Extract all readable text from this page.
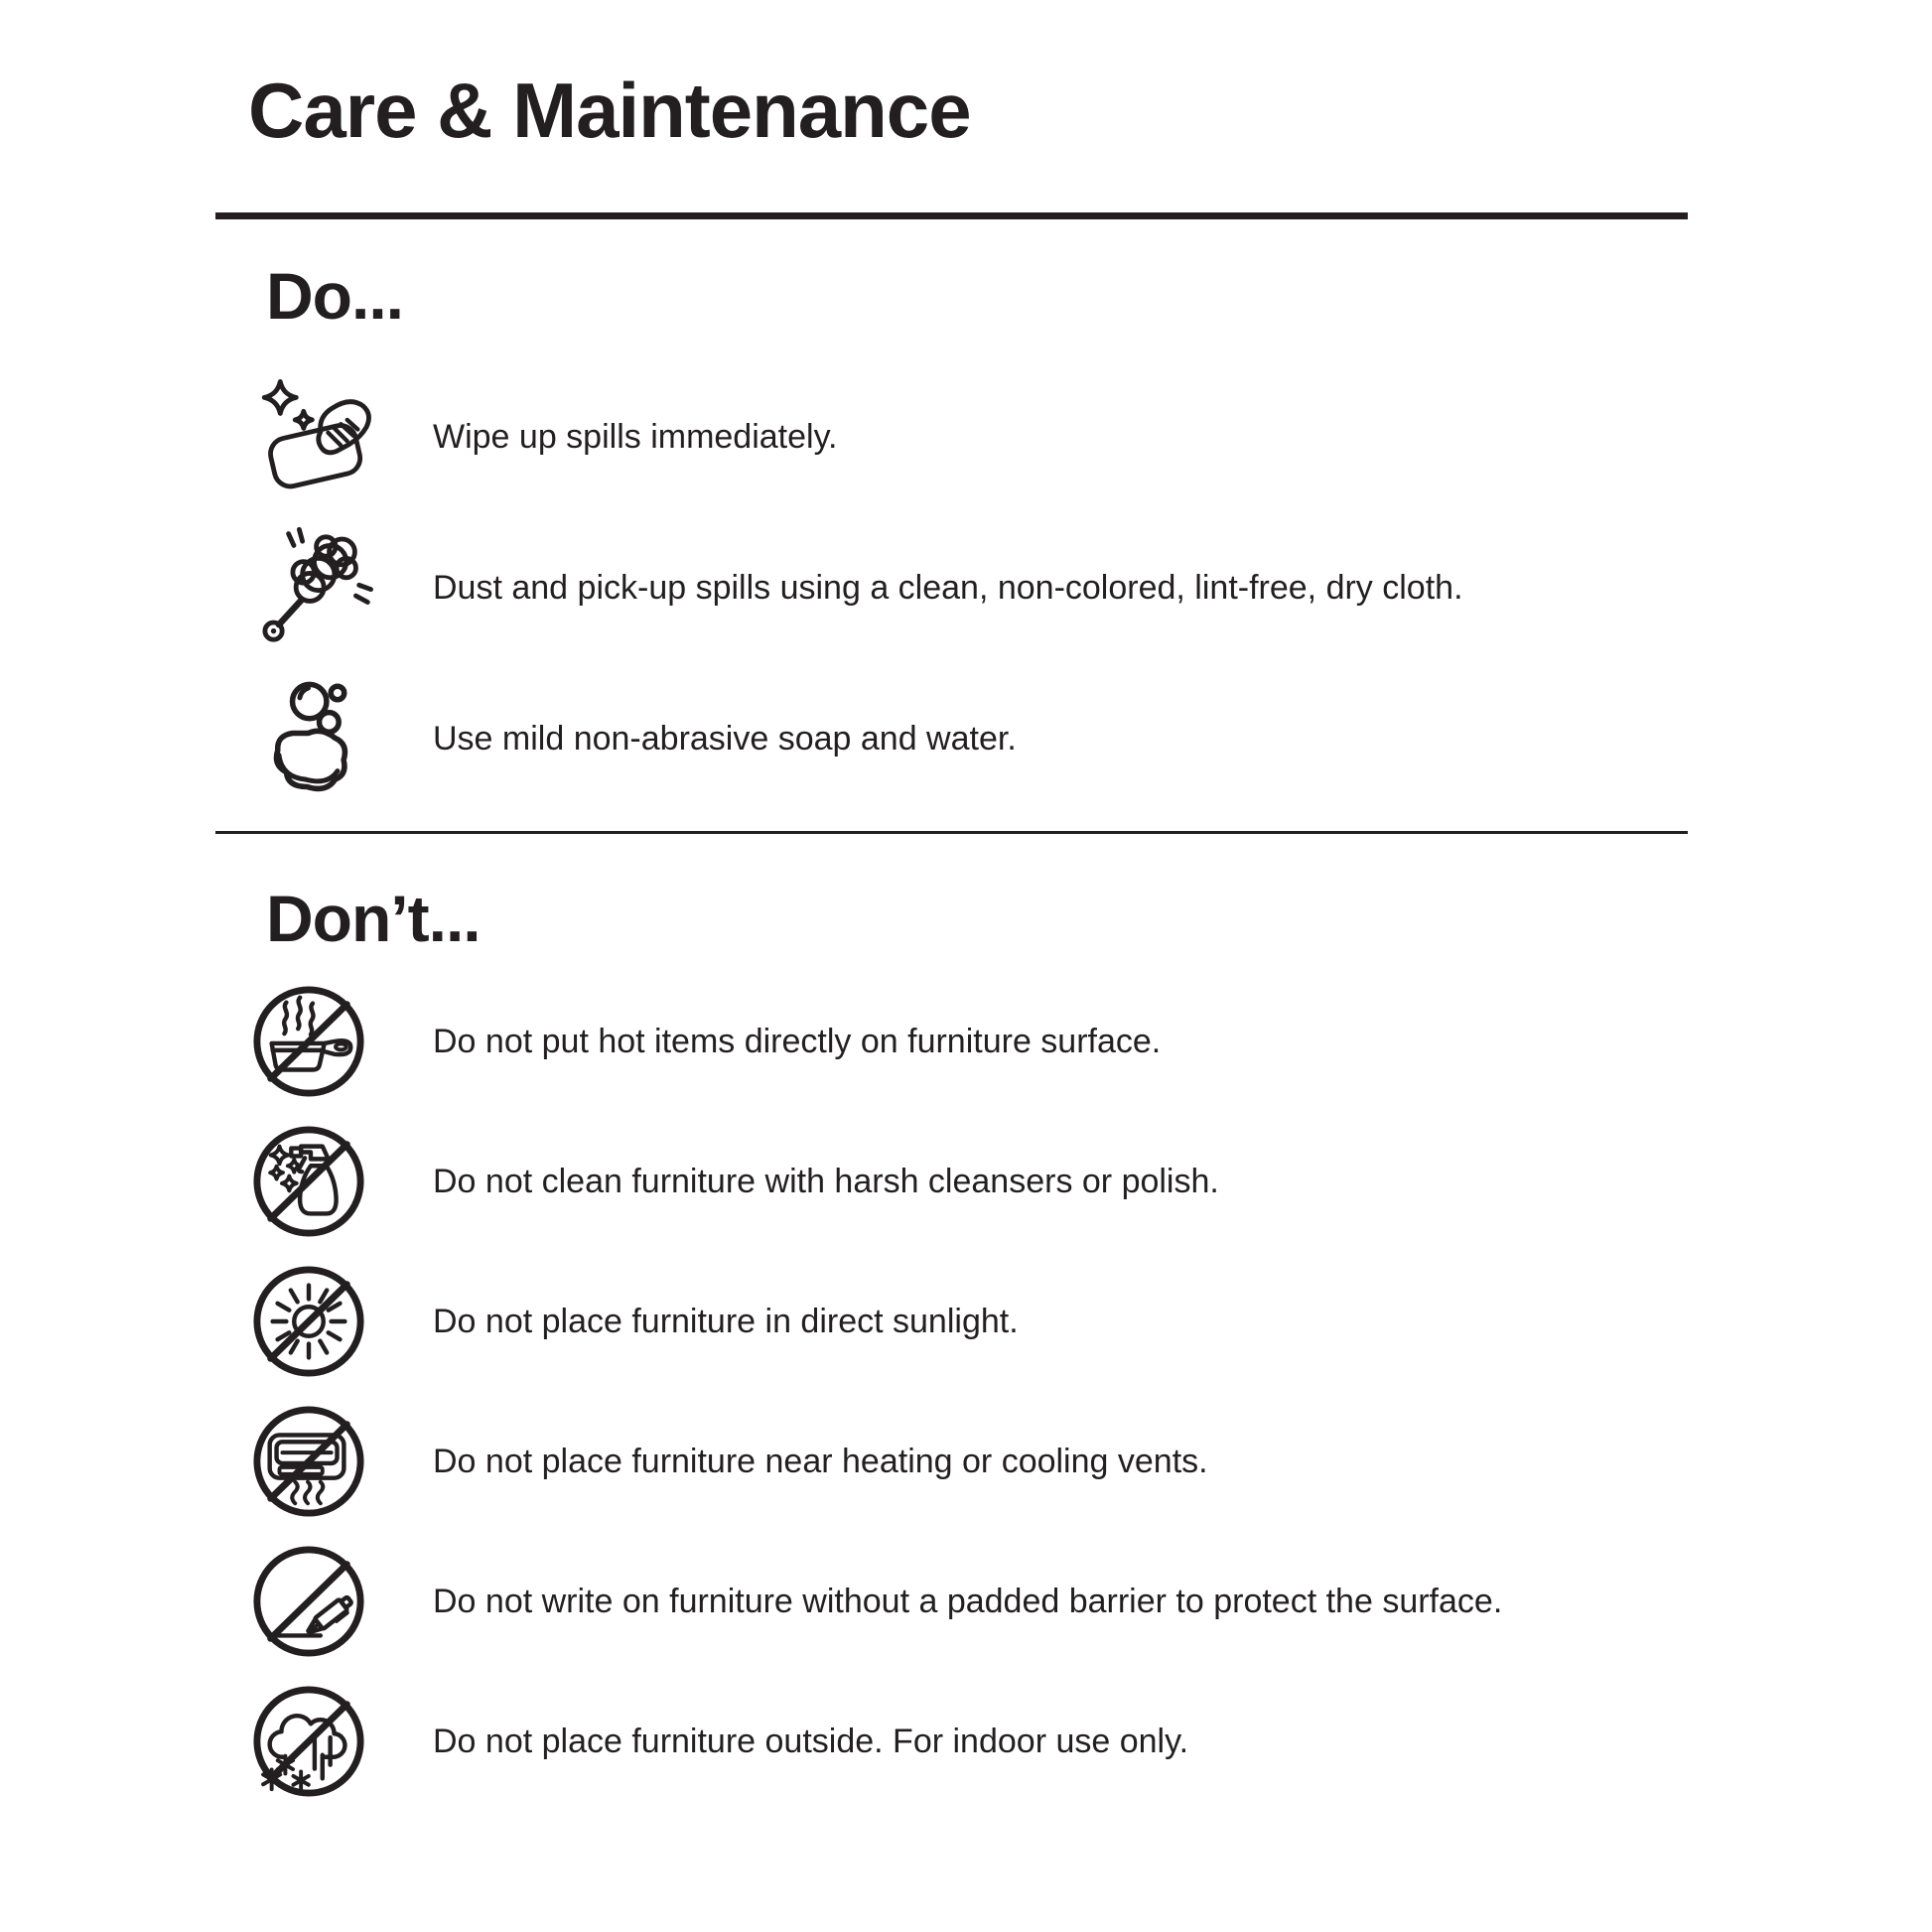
Care & Maintenance
Do...

Wipe up spills immediately.

Dust and pick-up spills using a clean, non-colored, lint-free, dry cloth.

Use mild non-abrasive soap and water.

Don’t...

Do not put hot items directly on furniture surface.

Do not clean furniture with harsh cleansers or polish.

Do not place furniture in direct sunlight.

Do not place furniture near heating or cooling vents.

Do not write on furniture without a padded barrier to protect the surface.

Do not place furniture outside. For indoor use only.
